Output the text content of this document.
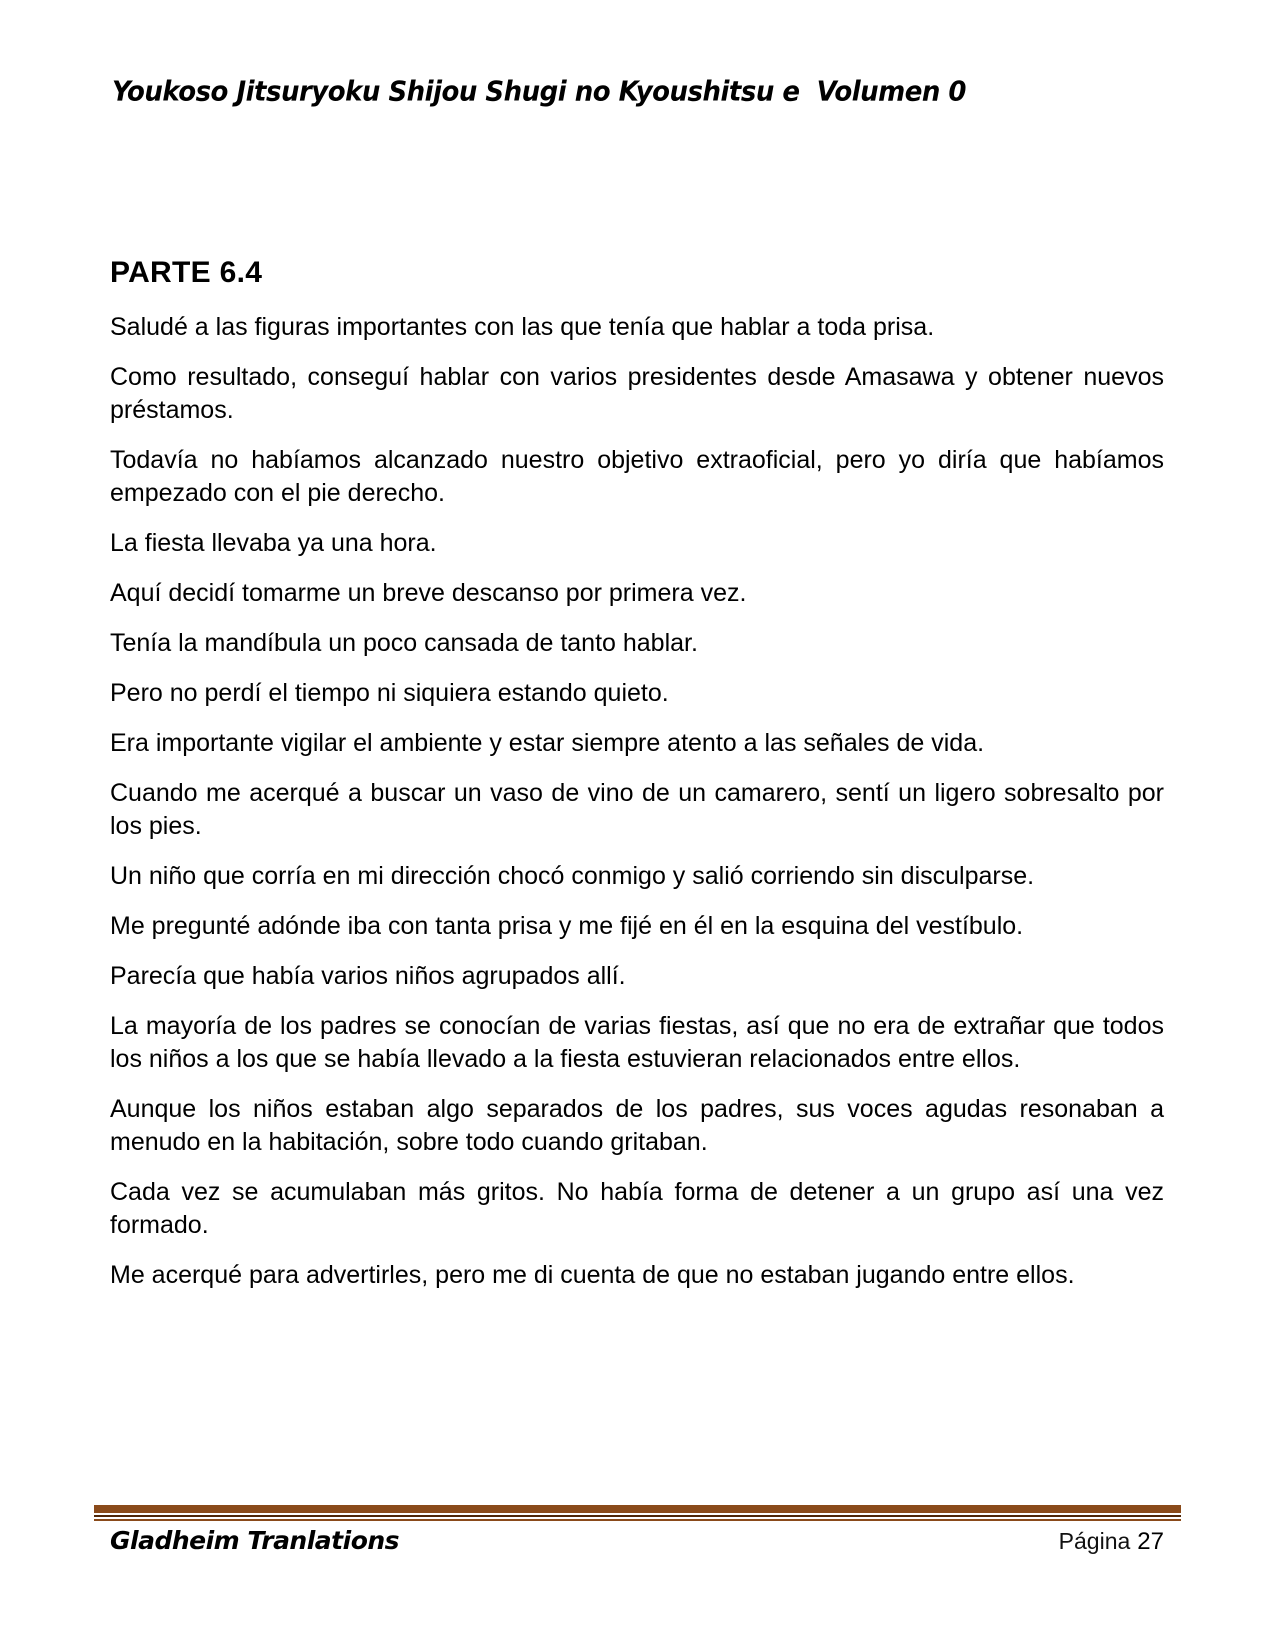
Youkoso Jitsuryoku Shijou Shugi no Kyoushitsu e  Volumen 0
PARTE 6.4

Saludé a las figuras importantes con las que tenía que hablar a toda prisa.

Como resultado, conseguí hablar con varios presidentes desde Amasawa y obtener nuevos préstamos.

Todavía no habíamos alcanzado nuestro objetivo extraoficial, pero yo diría que habíamos empezado con el pie derecho.

La fiesta llevaba ya una hora.

Aquí decidí tomarme un breve descanso por primera vez.

Tenía la mandíbula un poco cansada de tanto hablar.

Pero no perdí el tiempo ni siquiera estando quieto.

Era importante vigilar el ambiente y estar siempre atento a las señales de vida.

Cuando me acerqué a buscar un vaso de vino de un camarero, sentí un ligero sobresalto por los pies.

Un niño que corría en mi dirección chocó conmigo y salió corriendo sin disculparse.

Me pregunté adónde iba con tanta prisa y me fijé en él en la esquina del vestíbulo.

Parecía que había varios niños agrupados allí.

La mayoría de los padres se conocían de varias fiestas, así que no era de extrañar que todos los niños a los que se había llevado a la fiesta estuvieran relacionados entre ellos.

Aunque los niños estaban algo separados de los padres, sus voces agudas resonaban a menudo en la habitación, sobre todo cuando gritaban.

Cada vez se acumulaban más gritos. No había forma de detener a un grupo así una vez formado.

Me acerqué para advertirles, pero me di cuenta de que no estaban jugando entre ellos.

Gladheim Tranlations	Página 27
